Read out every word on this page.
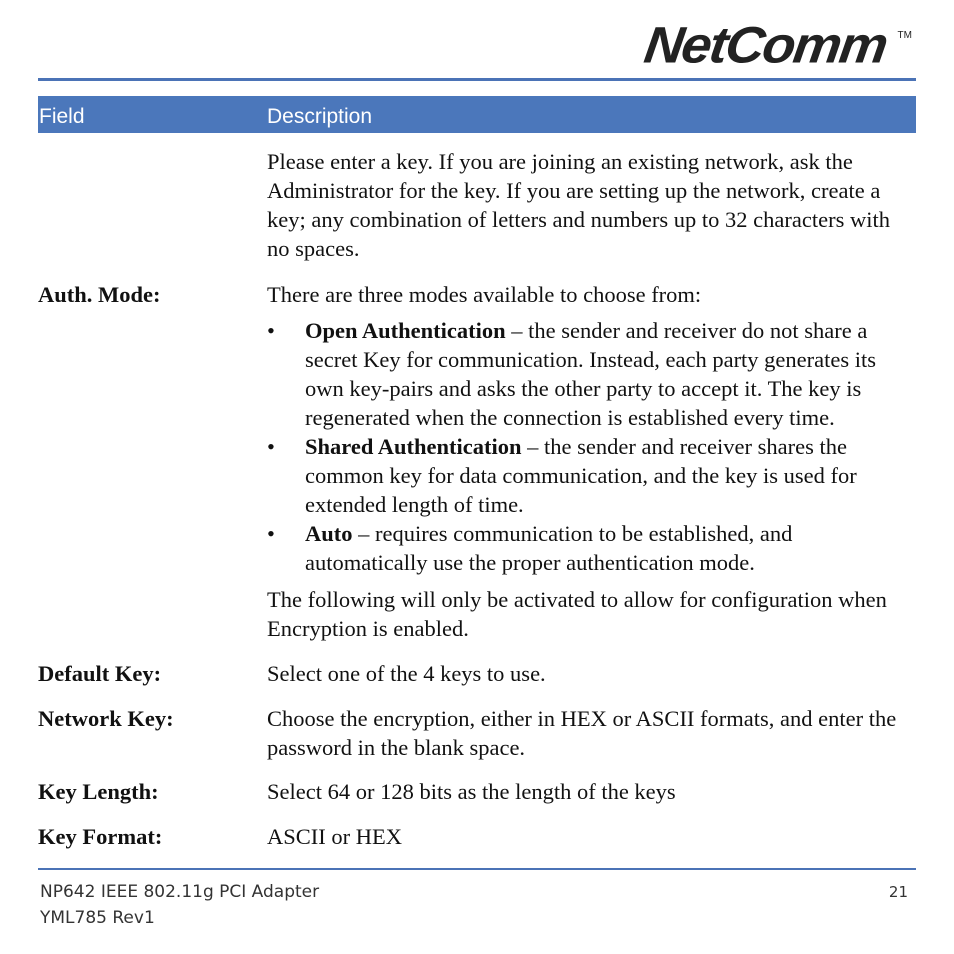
NetComm TM
Field	Description

Please enter a key. If you are joining an existing network, ask the Administrator for the key. If you are setting up the network, create a key; any combination of letters and numbers up to 32 characters with no spaces.

Auth. Mode:	There are three modes available to choose from:

• Open Authentication – the sender and receiver do not share a secret Key for communication. Instead, each party generates its own key-pairs and asks the other party to accept it. The key is regenerated when the connection is established every time.
• Shared Authentication – the sender and receiver shares the common key for data communication, and the key is used for extended length of time.
• Auto – requires communication to be established, and automatically use the proper authentication mode.

The following will only be activated to allow for configuration when Encryption is enabled.

Default Key:	Select one of the 4 keys to use.
Network Key:	Choose the encryption, either in HEX or ASCII formats, and enter the password in the blank space.
Key Length:	Select 64 or 128 bits as the length of the keys
Key Format:	ASCII or HEX
NP642 IEEE 802.11g PCI Adapter
YML785 Rev1
21
